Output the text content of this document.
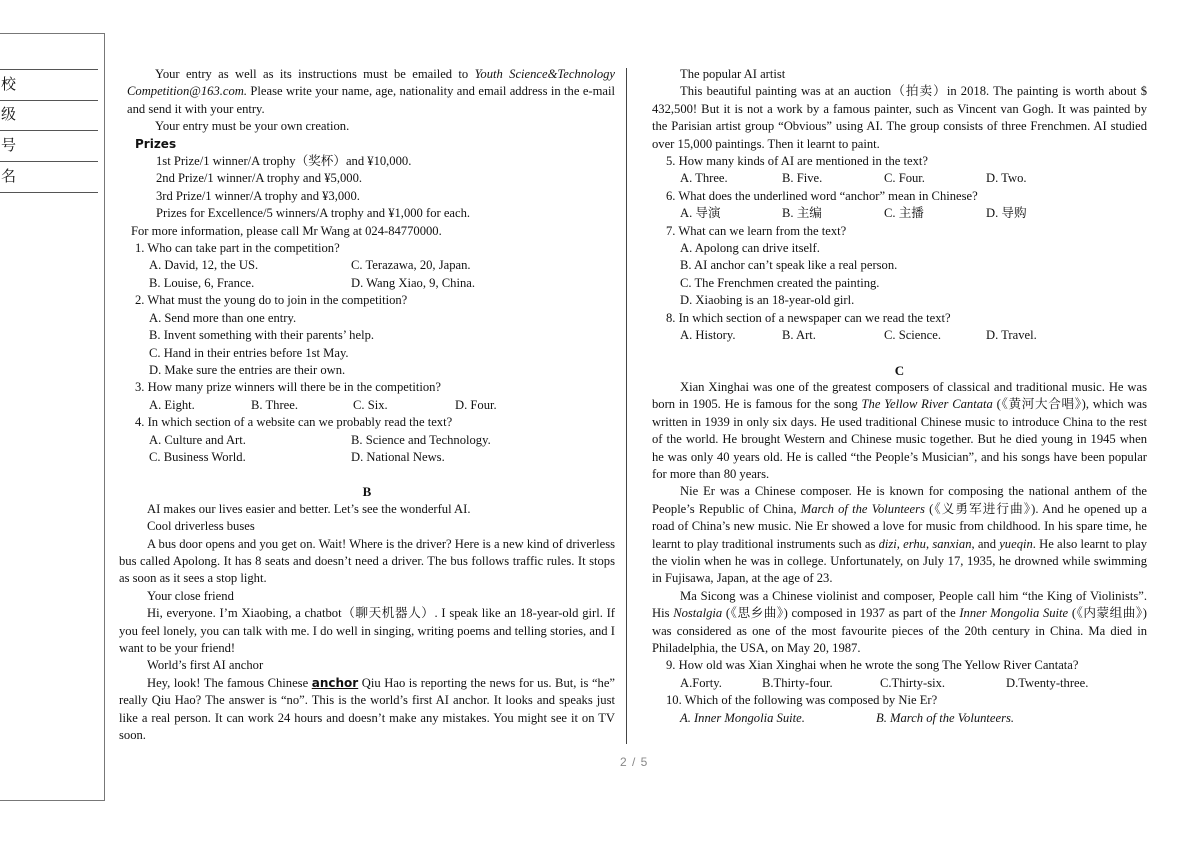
校
级
号
名

Your entry as well as its instructions must be emailed to Youth Science&Technology Competition@163.com. Please write your name, age, nationality and email address in the e-mail and send it with your entry.

Your entry must be your own creation.

Prizes

1st Prize/1 winner/A trophy（奖杯）and ¥10,000.

2nd Prize/1 winner/A trophy and ¥5,000.

3rd Prize/1 winner/A trophy and ¥3,000.

Prizes for Excellence/5 winners/A trophy and ¥1,000 for each.

For more information, please call Mr Wang at 024-84770000.

1. Who can take part in the competition?

A. David, 12, the US.	C. Terazawa, 20, Japan.
B. Louise, 6, France.	D. Wang Xiao, 9, China.

2. What must the young do to join in the competition?

A. Send more than one entry.

B. Invent something with their parents’ help.

C. Hand in their entries before 1st May.

D. Make sure the entries are their own.

3. How many prize winners will there be in the competition?

A. Eight.	B. Three.	C. Six.	D. Four.

4. In which section of a website can we probably read the text?

A. Culture and Art.	B. Science and Technology.
C. Business World.	D. National News.

B

AI makes our lives easier and better. Let’s see the wonderful AI.

Cool driverless buses

A bus door opens and you get on. Wait! Where is the driver? Here is a new kind of driverless bus called Apolong. It has 8 seats and doesn’t need a driver. The bus follows traffic rules. It stops as soon as it sees a stop light.

Your close friend

Hi, everyone. I’m Xiaobing, a chatbot（聊天机器人）. I speak like an 18-year-old girl. If you feel lonely, you can talk with me. I do well in singing, writing poems and telling stories, and I want to be your friend!

World’s first AI anchor

Hey, look! The famous Chinese anchor Qiu Hao is reporting the news for us. But, is “he” really Qiu Hao? The answer is “no”. This is the world’s first AI anchor. It looks and speaks just like a real person. It can work 24 hours and doesn’t make any mistakes. You might see it on TV soon.

The popular AI artist

This beautiful painting was at an auction（拍卖）in 2018. The painting is worth about $ 432,500! But it is not a work by a famous painter, such as Vincent van Gogh. It was painted by the Parisian artist group “Obvious” using AI. The group consists of three Frenchmen. AI studied over 15,000 paintings. Then it learnt to paint.

5. How many kinds of AI are mentioned in the text?

A. Three.	B. Five.	C. Four.	D. Two.

6. What does the underlined word “anchor” mean in Chinese?

A. 导演	B. 主编	C. 主播	D. 导购

7. What can we learn from the text?

A. Apolong can drive itself.

B. AI anchor can’t speak like a real person.

C. The Frenchmen created the painting.

D. Xiaobing is an 18-year-old girl.

8. In which section of a newspaper can we read the text?

A. History.	B. Art.	C. Science.	D. Travel.

C

Xian Xinghai was one of the greatest composers of classical and traditional music. He was born in 1905. He is famous for the song The Yellow River Cantata (《黄河大合唱》), which was written in 1939 in only six days. He used traditional Chinese music to introduce China to the rest of the world. He brought Western and Chinese music together. But he died young in 1945 when he was only 40 years old. He is called “the People’s Musician”, and his songs have been popular for more than 80 years.

Nie Er was a Chinese composer. He is known for composing the national anthem of the People’s Republic of China, March of the Volunteers (《义勇军进行曲》). And he opened up a road of China’s new music. Nie Er showed a love for music from childhood. In his spare time, he learnt to play traditional instruments such as dizi, erhu, sanxian, and yueqin. He also learnt to play the violin when he was in college. Unfortunately, on July 17, 1935, he drowned while swimming in Fujisawa, Japan, at the age of 23.

Ma Sicong was a Chinese violinist and composer, People call him “the King of Violinists”. His Nostalgia (《思乡曲》) composed in 1937 as part of the Inner Mongolia Suite (《内蒙组曲》) was considered as one of the most favourite pieces of the 20th century in China. Ma died in Philadelphia, the USA, on May 20, 1987.

9. How old was Xian Xinghai when he wrote the song The Yellow River Cantata?

A.Forty.	B.Thirty-four.	C.Thirty-six.	D.Twenty-three.

10. Which of the following was composed by Nie Er?

A. Inner Mongolia Suite.	B. March of the Volunteers.
2 / 5
